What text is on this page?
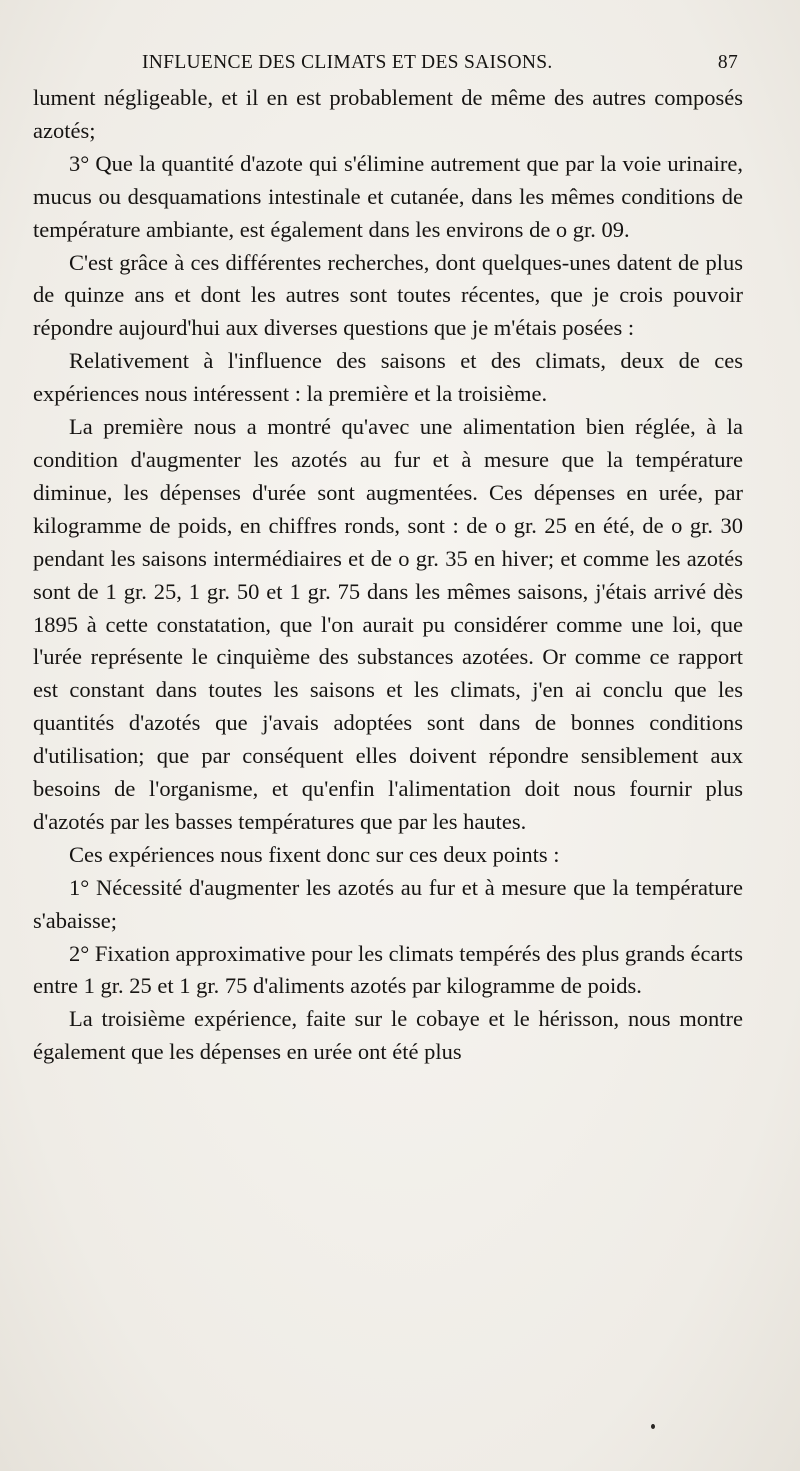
INFLUENCE DES CLIMATS ET DES SAISONS.	87

lument négligeable, et il en est probablement de même des autres composés azotés;

3° Que la quantité d'azote qui s'élimine autrement que par la voie urinaire, mucus ou desquamations intestinale et cutanée, dans les mêmes conditions de température ambiante, est également dans les environs de o gr. 09.

C'est grâce à ces différentes recherches, dont quelques-unes datent de plus de quinze ans et dont les autres sont toutes récentes, que je crois pouvoir répondre aujourd'hui aux diverses questions que je m'étais posées :

Relativement à l'influence des saisons et des climats, deux de ces expériences nous intéressent : la première et la troisième.

La première nous a montré qu'avec une alimentation bien réglée, à la condition d'augmenter les azotés au fur et à mesure que la température diminue, les dépenses d'urée sont augmentées. Ces dépenses en urée, par kilogramme de poids, en chiffres ronds, sont : de o gr. 25 en été, de o gr. 30 pendant les saisons intermédiaires et de o gr. 35 en hiver; et comme les azotés sont de 1 gr. 25, 1 gr. 50 et 1 gr. 75 dans les mêmes saisons, j'étais arrivé dès 1895 à cette constatation, que l'on aurait pu considérer comme une loi, que l'urée représente le cinquième des substances azotées. Or comme ce rapport est constant dans toutes les saisons et les climats, j'en ai conclu que les quantités d'azotés que j'avais adoptées sont dans de bonnes conditions d'utilisation; que par conséquent elles doivent répondre sensiblement aux besoins de l'organisme, et qu'enfin l'alimentation doit nous fournir plus d'azotés par les basses températures que par les hautes.

Ces expériences nous fixent donc sur ces deux points :

1° Nécessité d'augmenter les azotés au fur et à mesure que la température s'abaisse;

2° Fixation approximative pour les climats tempérés des plus grands écarts entre 1 gr. 25 et 1 gr. 75 d'aliments azotés par kilogramme de poids.

La troisième expérience, faite sur le cobaye et le hérisson, nous montre également que les dépenses en urée ont été plus
